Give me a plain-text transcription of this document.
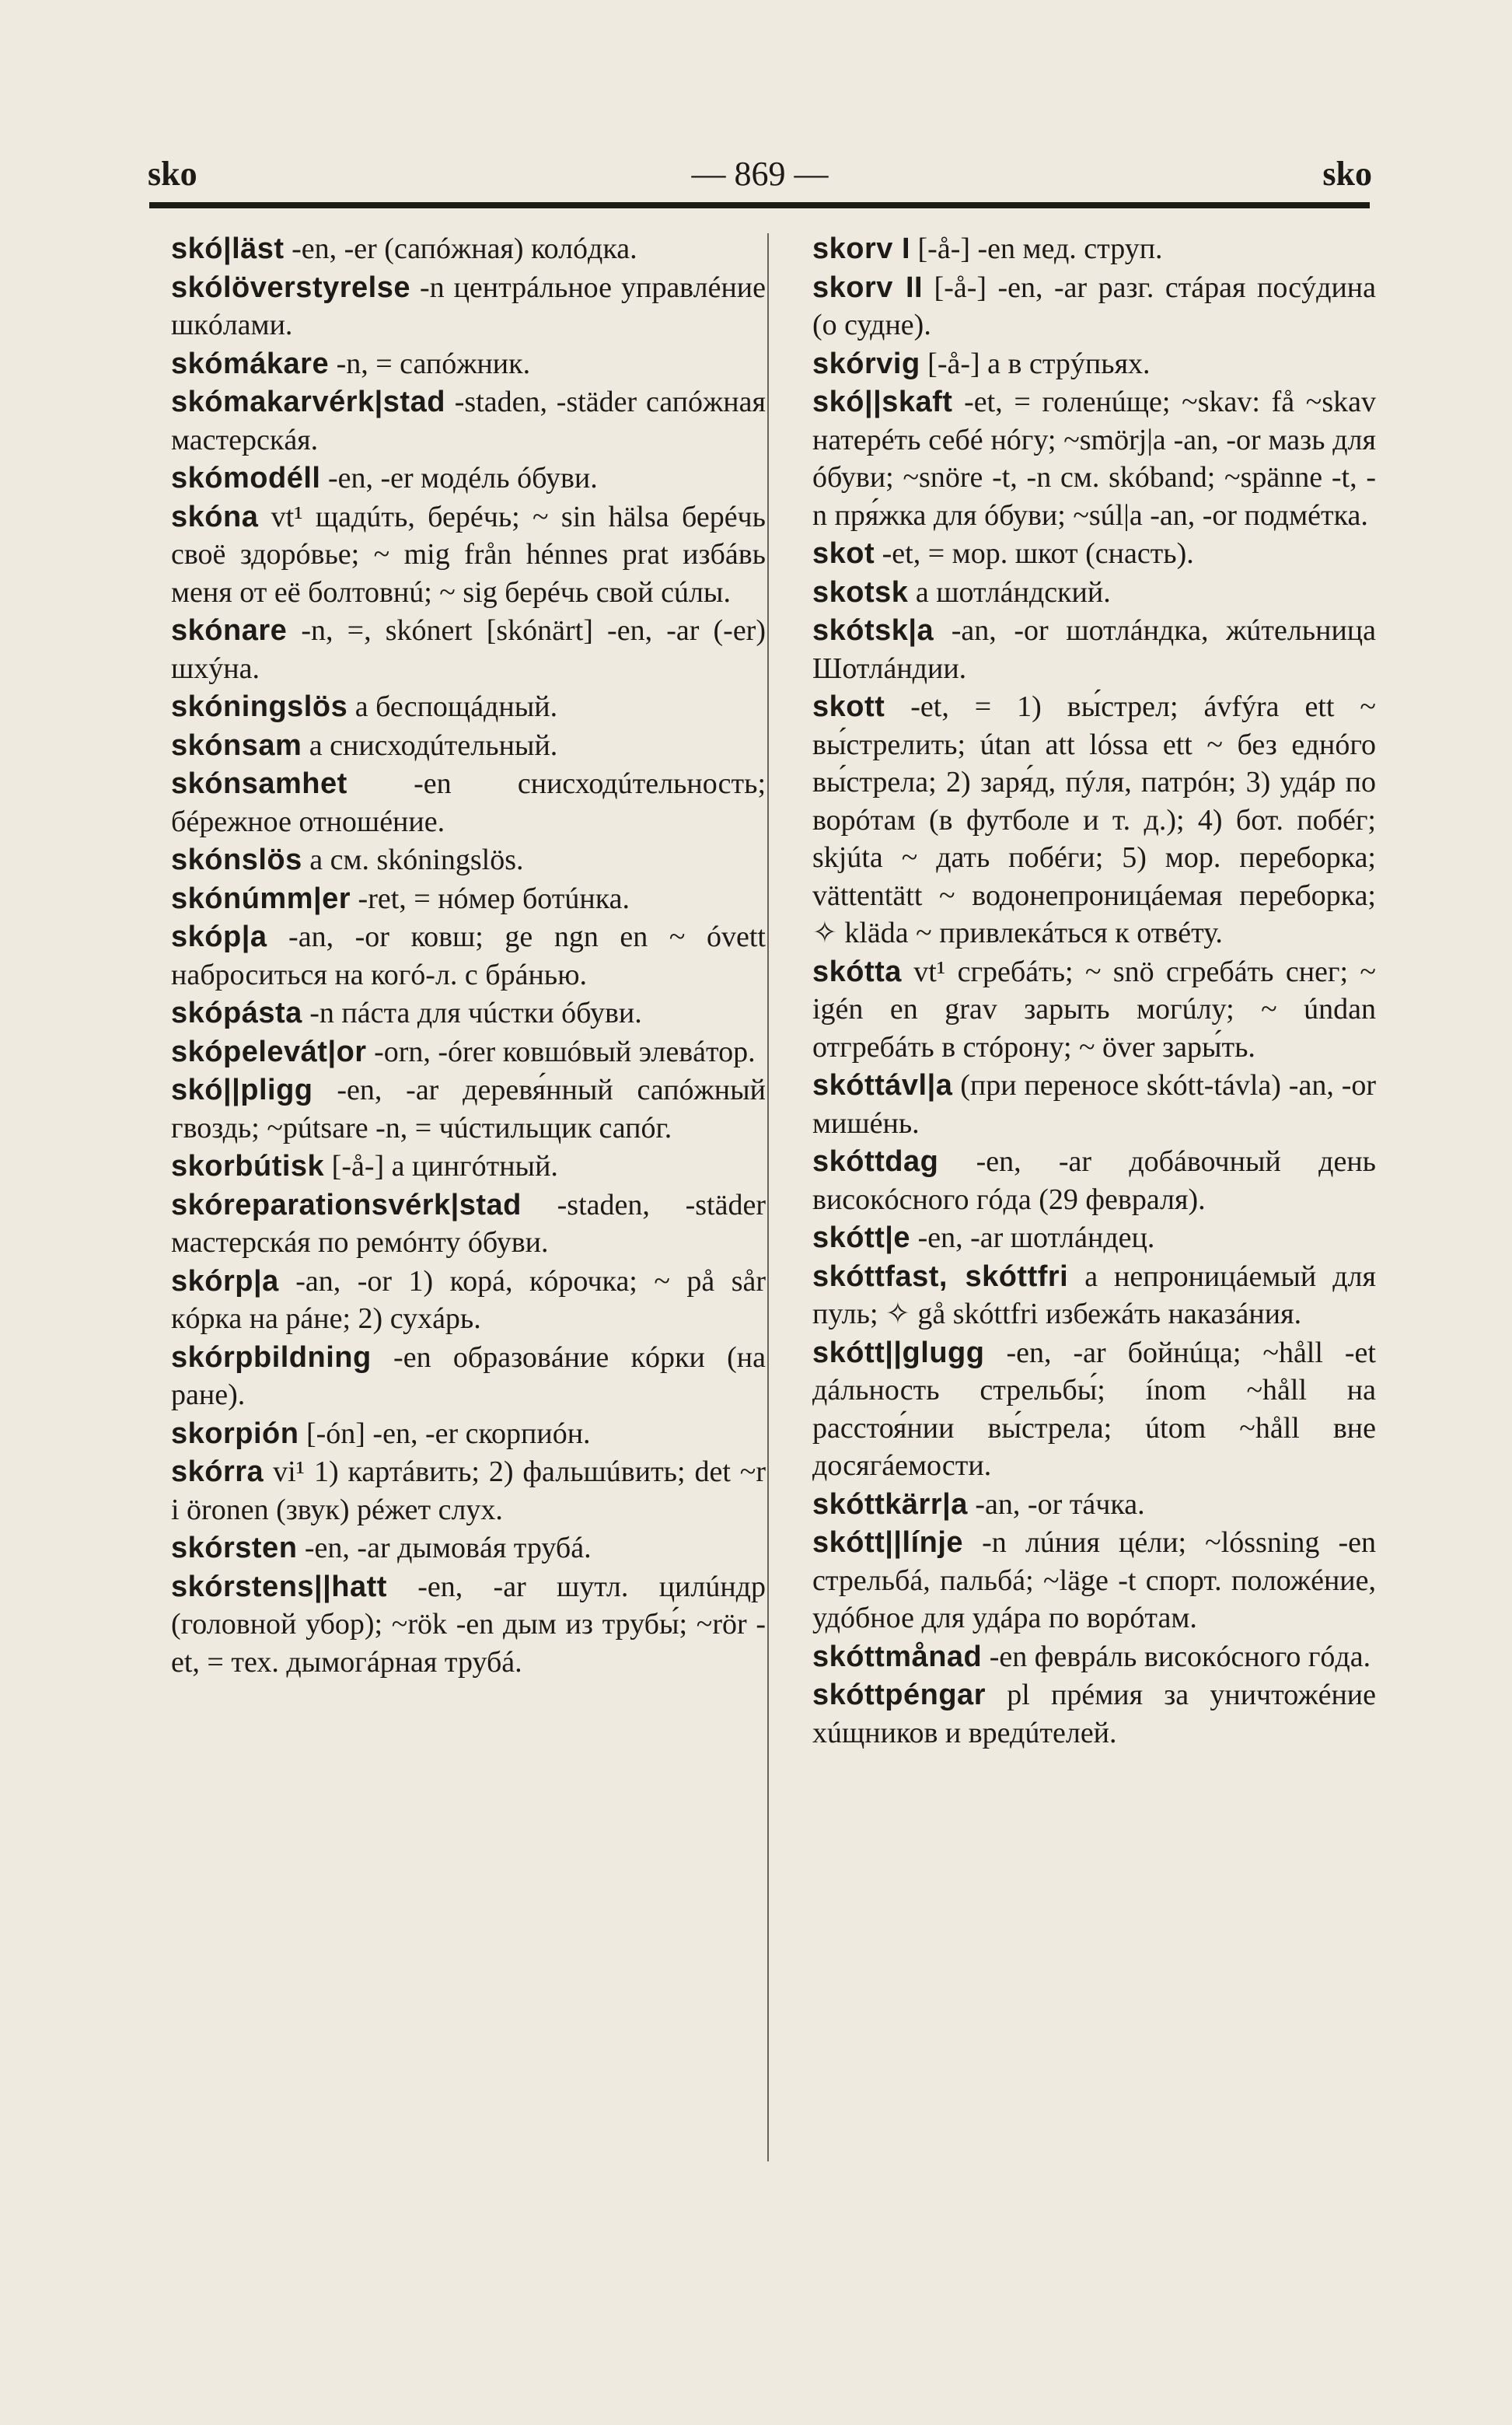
sko	— 869 —	sko
skó|läst -en, -er (сапóжная) колóдка.
skólöverstyrelse -n центрáльное управлéние шкóлами.
skómákare -n, = сапóжник.
skómakarvérk|stad -staden, -städer сапóжная мастерскáя.
skómodéll -en, -er модéль óбуви.
skóna vt¹ щадúть, берéчь; ~ sin hälsa берéчь своё здорóвье; ~ mig från hénnes prat избáвь меня от её болтовнú; ~ sig берéчь свой сúлы.
skónare -n, =, skónert [skónärt] -en, -ar (-er) шхýна.
skóningslös a беспощáдный.
skónsam a снисходúтельный.
skónsamhet -en снисходúтельность; бéрежное отношéние.
skónslös a см. skóningslös.
skónúmm|er -ret, = нóмер ботúнка.
skóp|a -an, -or ковш; ge ngn en ~ óvett наброситься на когó-л. с брáнью.
skópásta -n пáста для чúстки óбуви.
skópelevát|or -orn, -órer ковшóвый элевáтор.
skó||pligg -en, -ar деревя́нный сапóжный гвоздь; ~pútsare -n, = чúстильщик сапóг.
skorbútisk [-å-] a цингóтный.
skóreparationsvérk|stad -staden, -städer мастерскáя по ремóнту óбуви.
skórp|a -an, -or 1) корá, кóрочка; ~ på sår кóрка на рáне; 2) сухáрь.
skórpbildning -en образовáние кóрки (на ране).
skorpión [-ón] -en, -er скорпиóн.
skórra vi¹ 1) картáвить; 2) фальшúвить; det ~r i öronen (звук) рéжет слух.
skórsten -en, -ar дымовáя трубá.
skórstens||hatt -en, -ar шутл. цилúндр (головной убор); ~rök -en дым из трубы́; ~rör -et, = тех. дымогáрная трубá.
skorv I [-å-] -en мед. струп.
skorv II [-å-] -en, -ar разг. стáрая посýдина (о судне).
skórvig [-å-] a в стрýпьях.
skó||skaft -et, = голенúще; ~skav: få ~skav натерéть себé нóгу; ~smörj|a -an, -or мазь для óбуви; ~snöre -t, -n см. skóband; ~spänne -t, -n пря́жка для óбуви; ~súl|a -an, -or подмéтка.
skot -et, = мор. шкот (снасть).
skotsk a шотлáндский.
skótsk|a -an, -or шотлáндка, жúтельница Шотлáндии.
skott -et, = 1) вы́стрел; ávfýra ett ~ вы́стрелить; útan att lóssa ett ~ без еднóго вы́стрела; 2) заря́д, пýля, патрóн; 3) удáр по ворóтам (в футболе и т. д.); 4) бот. побéг; skjúta ~ дать побéги; 5) мор. переборка; vättentätt ~ водонепроницáемая переборка; ✧ kläda ~ привлекáться к отвéту.
skótta vt¹ сгребáть; ~ snö сгребáть снег; ~ igén en grav зарыть могúлу; ~ úndan отгребáть в стóрону; ~ över зары́ть.
skóttávl|a (при переносе skótt-távla) -an, -or мишéнь.
skóttdag -en, -ar добáвочный день високóсного гóда (29 февраля).
skótt|e -en, -ar шотлáндец.
skóttfast, skóttfri a непроницáемый для пуль; ✧ gå skóttfri избежáть наказáния.
skótt||glugg -en, -ar бойнúца; ~håll -et дáльность стрельбы́; ínom ~håll на расстоя́нии вы́стрела; útom ~håll вне досягáемости.
skóttkärr|a -an, -or тáчка.
skótt||línje -n лúния цéли; ~lóssning -en стрельбá, пальбá; ~läge -t спорт. положéние, удóбное для удáра по ворóтам.
skóttmånad -en феврáль високóсного гóда.
skóttpéngar pl прéмия за уничтожéние хúщников и вредúтелей.
